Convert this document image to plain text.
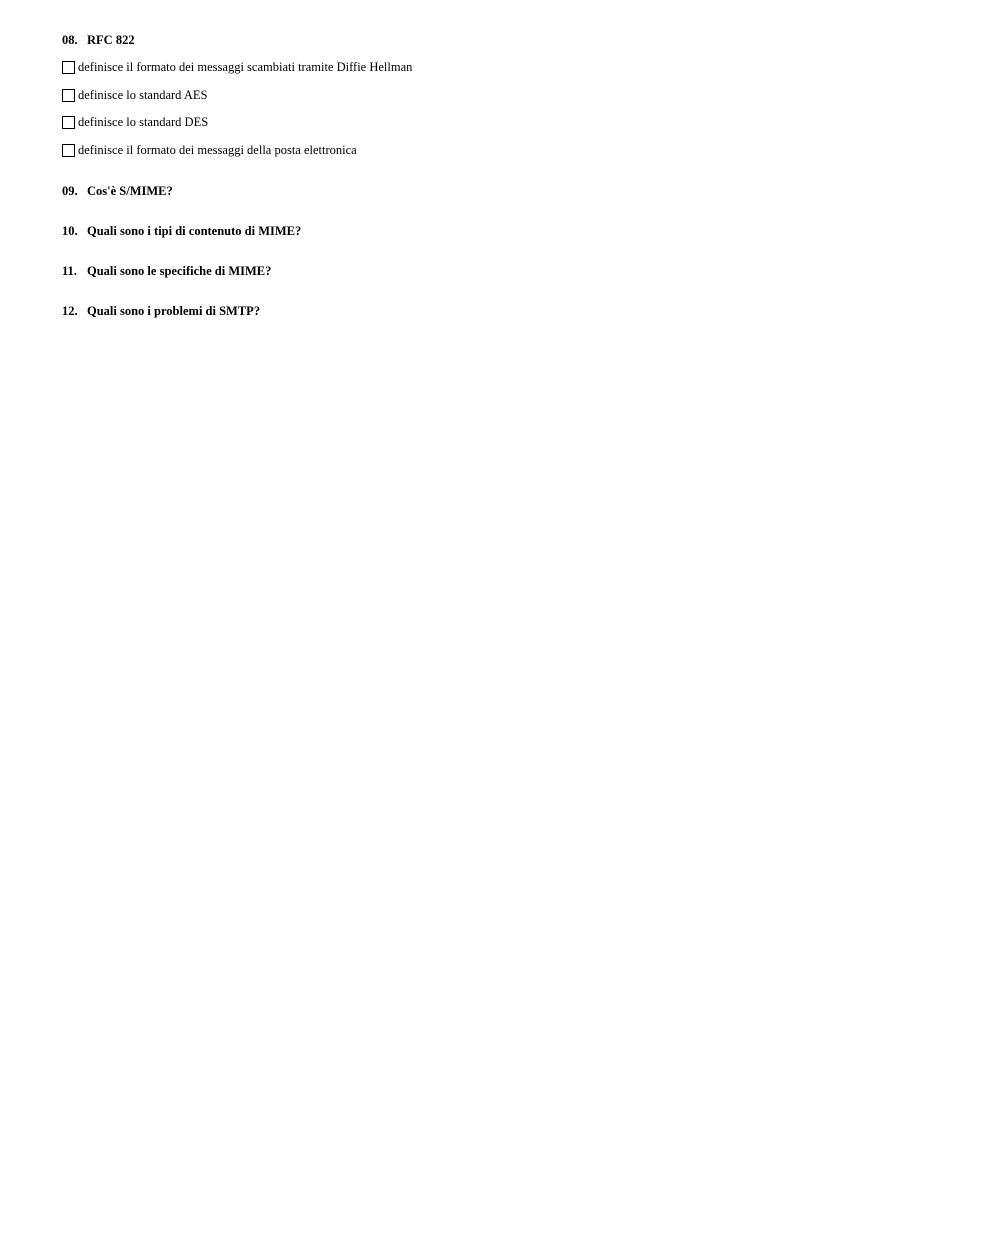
08. RFC 822
definisce il formato dei messaggi scambiati tramite Diffie Hellman
definisce lo standard AES
definisce lo standard DES
definisce il formato dei messaggi della posta elettronica
09. Cos'è S/MIME?
10. Quali sono i tipi di contenuto di MIME?
11. Quali sono le specifiche di MIME?
12. Quali sono i problemi di SMTP?
